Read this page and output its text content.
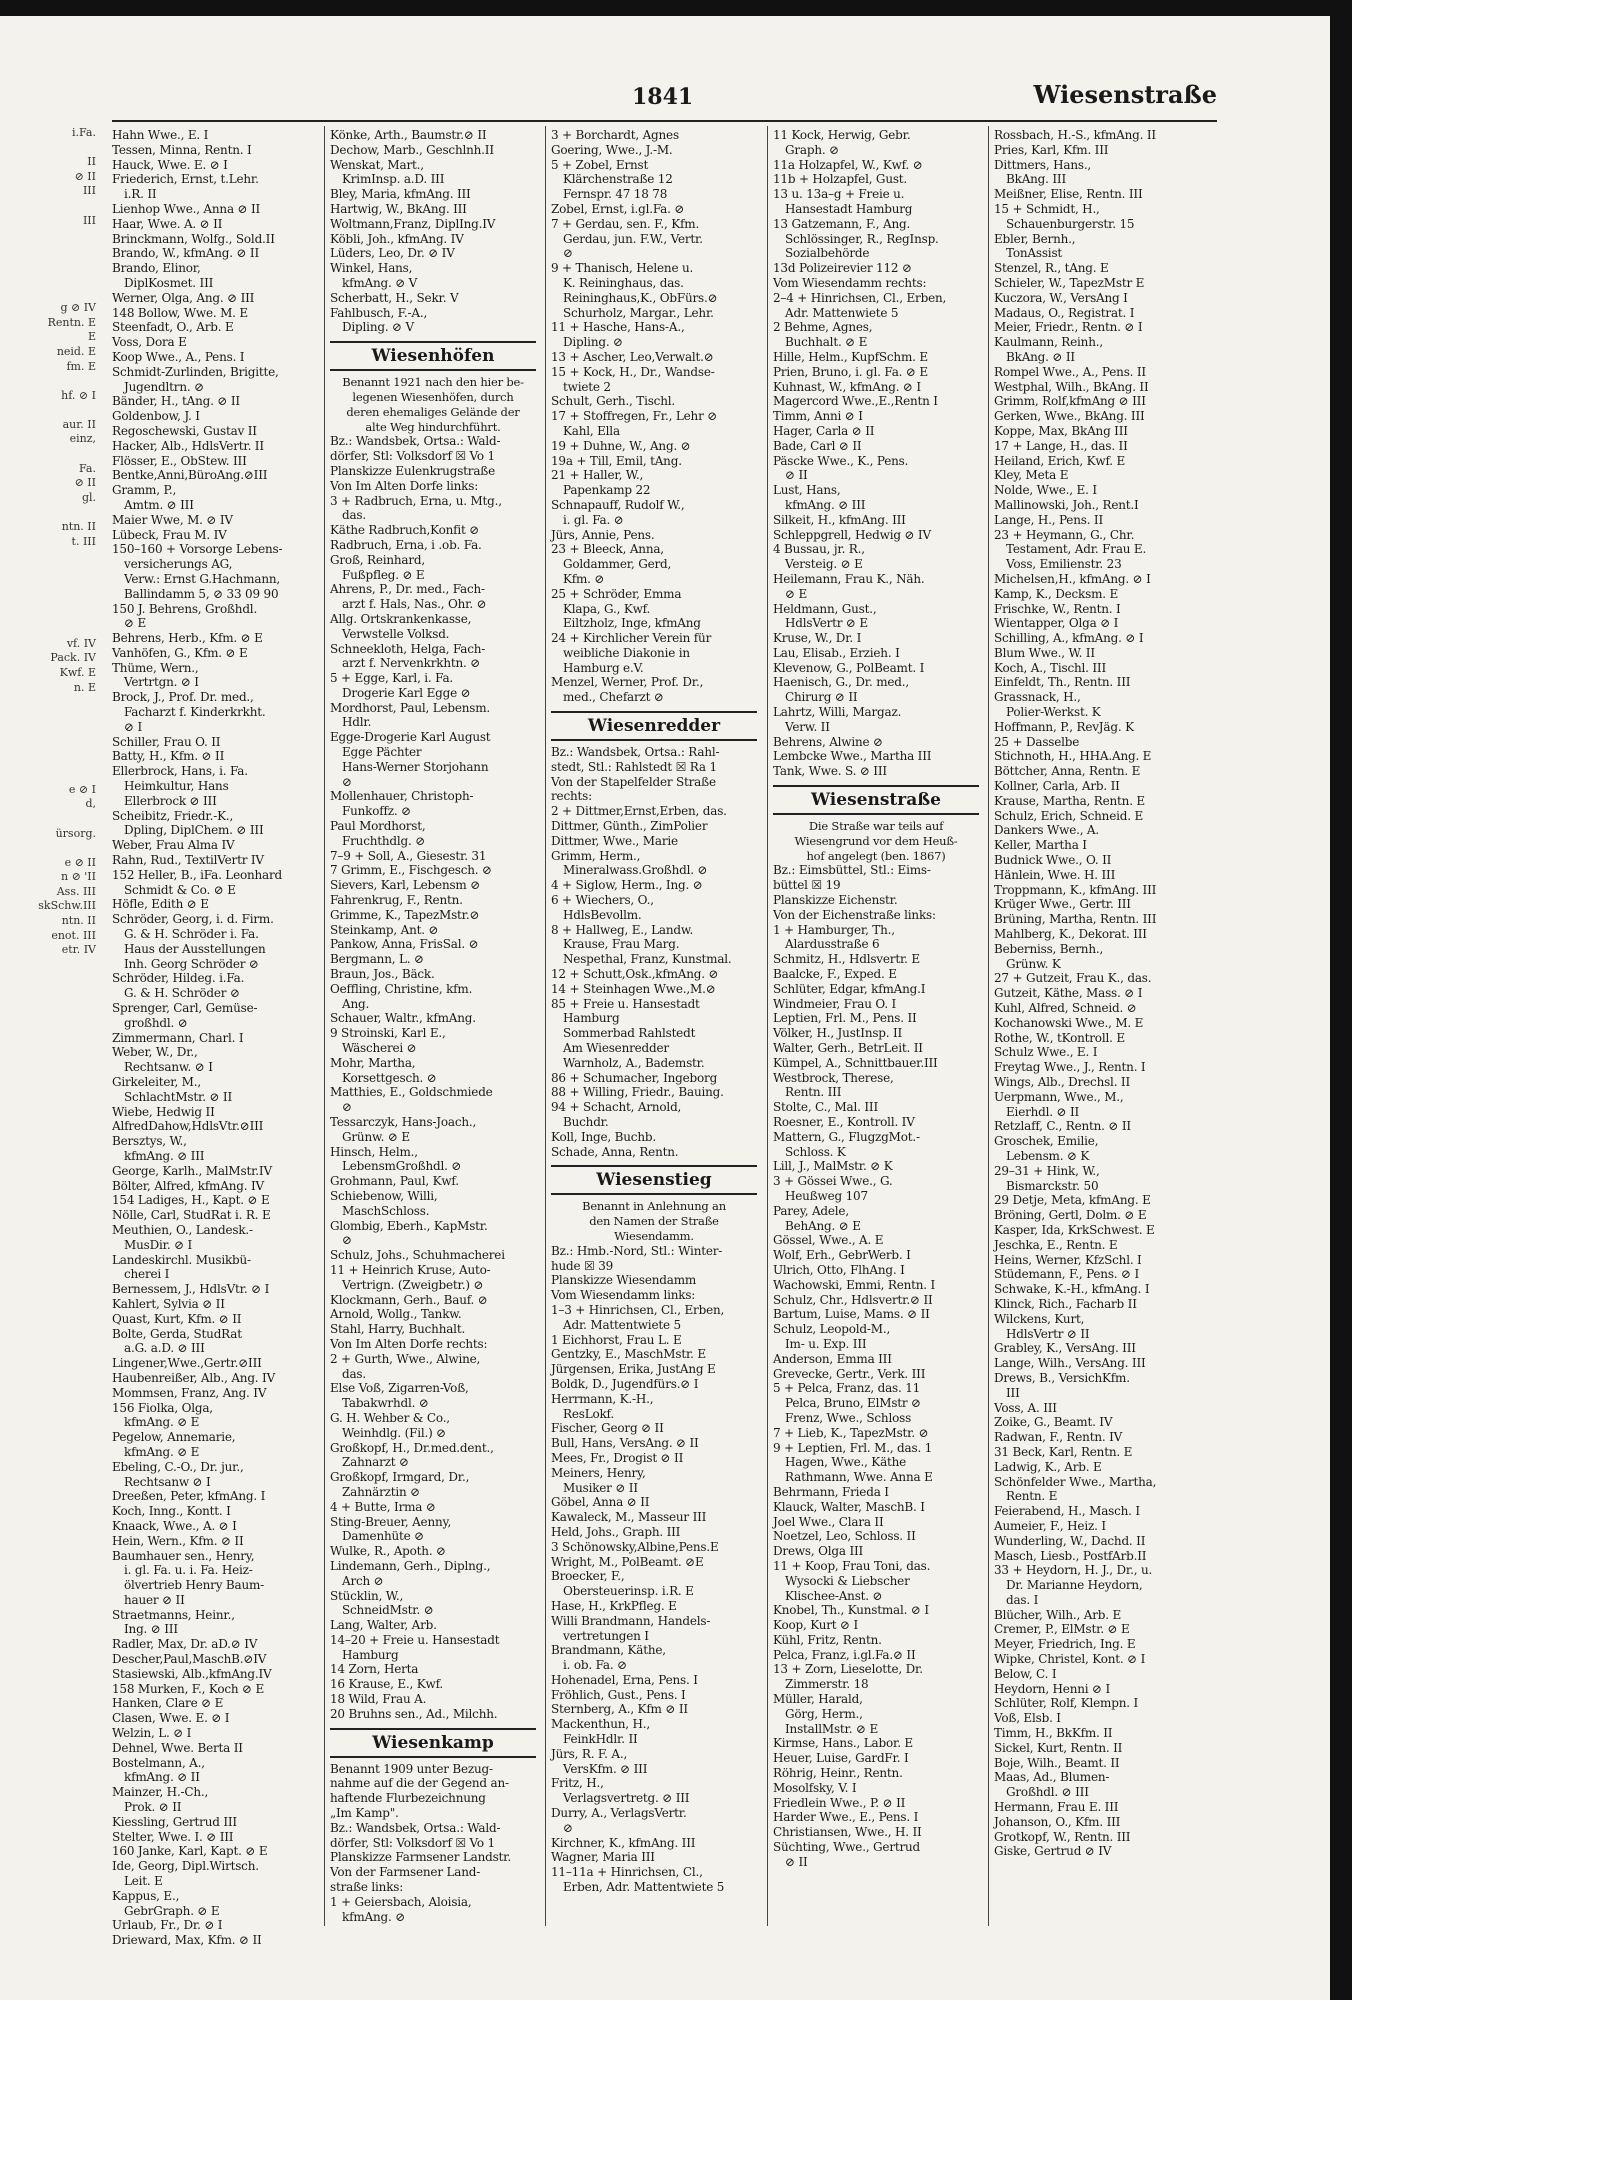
i.Fa.

II
⊘ II
III

III

g ⊘ IV
Rentn. E
E
neid. E
fm. E

hf. ⊘ I

aur. II
einz,

Fa.
⊘ II
gl.

ntn. II
t. III

vf. IV
Pack. IV
Kwf. E
n. E

e ⊘ I
d,

ürsorg.

e ⊘ II
n ⊘ 'II
Ass. III
skSchw.III
ntn. II
enot. III
etr. IV
1841	Wiesenstraße
Hahn Wwe., E. I
Tessen, Minna, Rentn. I
Hauck, Wwe. E. ⊘ I
Friederich, Ernst, t.Lehr.
i.R. II
Lienhop Wwe., Anna ⊘ II
Haar, Wwe. A. ⊘ II
Brinckmann, Wolfg., Sold.II
Brando, W., kfmAng. ⊘ II
Brando, Elinor,
DiplKosmet. III
Werner, Olga, Ang. ⊘ III
148 Bollow, Wwe. M. E
Steenfadt, O., Arb. E
Voss, Dora E
Koop Wwe., A., Pens. I
Schmidt-Zurlinden, Brigitte,
Jugendltrn. ⊘
Bänder, H., tAng. ⊘ II
Goldenbow, J. I
Regoschewski, Gustav II
Hacker, Alb., HdlsVertr. II
Flösser, E., ObStew. III
Bentke,Anni,BüroAng.⊘III
Gramm, P.,
Amtm. ⊘ III
Maier Wwe, M. ⊘ IV
Lübeck, Frau M. IV
150–160 + Vorsorge Lebens-
versicherungs AG,
Verw.: Ernst G.Hachmann,
Ballindamm 5, ⊘ 33 09 90
150 J. Behrens, Großhdl.
⊘ E
Behrens, Herb., Kfm. ⊘ E
Vanhöfen, G., Kfm. ⊘ E
Thüme, Wern.,
Vertrtgn. ⊘ I
Brock, J., Prof. Dr. med.,
Facharzt f. Kinderkrkht.
⊘ I
Schiller, Frau O. II
Batty, H., Kfm. ⊘ II
Ellerbrock, Hans, i. Fa.
Heimkultur, Hans
Ellerbrock ⊘ III
Scheibitz, Friedr.-K.,
Dpling, DiplChem. ⊘ III
Weber, Frau Alma IV
Rahn, Rud., TextilVertr IV
152 Heller, B., iFa. Leonhard
Schmidt & Co. ⊘ E
Höfle, Edith ⊘ E
Schröder, Georg, i. d. Firm.
G. & H. Schröder i. Fa.
Haus der Ausstellungen
Inh. Georg Schröder ⊘
Schröder, Hildeg. i.Fa.
G. & H. Schröder ⊘
Sprenger, Carl, Gemüse-
großhdl. ⊘
Zimmermann, Charl. I
Weber, W., Dr.,
Rechtsanw. ⊘ I
Girkeleiter, M.,
SchlachtMstr. ⊘ II
Wiebe, Hedwig II
AlfredDahow,HdlsVtr.⊘III
Bersztys, W.,
kfmAng. ⊘ III
George, Karlh., MalMstr.IV
Bölter, Alfred, kfmAng. IV
154 Ladiges, H., Kapt. ⊘ E
Nölle, Carl, StudRat i. R. E
Meuthien, O., Landesk.-
MusDir. ⊘ I
Landeskirchl. Musikbü-
cherei I
Bernessem, J., HdlsVtr. ⊘ I
Kahlert, Sylvia ⊘ II
Quast, Kurt, Kfm. ⊘ II
Bolte, Gerda, StudRat
a.G. a.D. ⊘ III
Lingener,Wwe.,Gertr.⊘III
Haubenreißer, Alb., Ang. IV
Mommsen, Franz, Ang. IV
156 Fiolka, Olga,
kfmAng. ⊘ E
Pegelow, Annemarie,
kfmAng. ⊘ E
Ebeling, C.-O., Dr. jur.,
Rechtsanw ⊘ I
Dreeßen, Peter, kfmAng. I
Koch, Inng., Kontt. I
Knaack, Wwe., A. ⊘ I
Hein, Wern., Kfm. ⊘ II
Baumhauer sen., Henry,
i. gl. Fa. u. i. Fa. Heiz-
ölvertrieb Henry Baum-
hauer ⊘ II
Straetmanns, Heinr.,
Ing. ⊘ III
Radler, Max, Dr. aD.⊘ IV
Descher,Paul,MaschB.⊘IV
Stasiewski, Alb.,kfmAng.IV
158 Murken, F., Koch ⊘ E
Hanken, Clare ⊘ E
Clasen, Wwe. E. ⊘ I
Welzin, L. ⊘ I
Dehnel, Wwe. Berta II
Bostelmann, A.,
kfmAng. ⊘ II
Mainzer, H.-Ch.,
Prok. ⊘ II
Kiessling, Gertrud III
Stelter, Wwe. I. ⊘ III
160 Janke, Karl, Kapt. ⊘ E
Ide, Georg, Dipl.Wirtsch.
Leit. E
Kappus, E.,
GebrGraph. ⊘ E
Urlaub, Fr., Dr. ⊘ I
Drieward, Max, Kfm. ⊘ II
Könke, Arth., Baumstr.⊘ II
Dechow, Marb., Geschlnh.II
Wenskat, Mart.,
KrimInsp. a.D. III
Bley, Maria, kfmAng. III
Hartwig, W., BkAng. III
Woltmann,Franz, DiplIng.IV
Köbli, Joh., kfmAng. IV
Lüders, Leo, Dr. ⊘ IV
Winkel, Hans,
kfmAng. ⊘ V
Scherbatt, H., Sekr. V
Fahlbusch, F.-A.,
Dipling. ⊘ V
Wiesenhöfen
Benannt 1921 nach den hier be-
legenen Wiesenhöfen, durch
deren ehemaliges Gelände der
alte Weg hindurchführt.
Bz.: Wandsbek, Ortsa.: Wald-
dörfer, Stl: Volksdorf ☒ Vo 1
Planskizze Eulenkrugstraße
Von Im Alten Dorfe links:
3 + Radbruch, Erna, u. Mtg.,
das.
Käthe Radbruch,Konfit ⊘
Radbruch, Erna, i .ob. Fa.
Groß, Reinhard,
Fußpfleg. ⊘ E
Ahrens, P., Dr. med., Fach-
arzt f. Hals, Nas., Ohr. ⊘
Allg. Ortskrankenkasse,
Verwstelle Volksd.
Schneekloth, Helga, Fach-
arzt f. Nervenkrkhtn. ⊘
5 + Egge, Karl, i. Fa.
Drogerie Karl Egge ⊘
Mordhorst, Paul, Lebensm.
Hdlr.
Egge-Drogerie Karl August
Egge Pächter
Hans-Werner Storjohann
⊘
Mollenhauer, Christoph-
Funkoffz. ⊘
Paul Mordhorst,
Fruchthdlg. ⊘
7–9 + Soll, A., Giesestr. 31
7 Grimm, E., Fischgesch. ⊘
Sievers, Karl, Lebensm ⊘
Fahrenkrug, F., Rentn.
Grimme, K., TapezMstr.⊘
Steinkamp, Ant. ⊘
Pankow, Anna, FrisSal. ⊘
Bergmann, L. ⊘
Braun, Jos., Bäck.
Oeffling, Christine, kfm.
Ang.
Schauer, Waltr., kfmAng.
9 Stroinski, Karl E.,
Wäscherei ⊘
Mohr, Martha,
Korsettgesch. ⊘
Matthies, E., Goldschmiede
⊘
Tessarczyk, Hans-Joach.,
Grünw. ⊘ E
Hinsch, Helm.,
LebensmGroßhdl. ⊘
Grohmann, Paul, Kwf.
Schiebenow, Willi,
MaschSchloss.
Glombig, Eberh., KapMstr.
⊘
Schulz, Johs., Schuhmacherei
11 + Heinrich Kruse, Auto-
Vertrign. (Zweigbetr.) ⊘
Klockmann, Gerh., Bauf. ⊘
Arnold, Wollg., Tankw.
Stahl, Harry, Buchhalt.
Von Im Alten Dorfe rechts:
2 + Gurth, Wwe., Alwine,
das.
Else Voß, Zigarren-Voß,
Tabakwrhdl. ⊘
G. H. Wehber & Co.,
Weinhdlg. (Fil.) ⊘
Großkopf, H., Dr.med.dent.,
Zahnarzt ⊘
Großkopf, Irmgard, Dr.,
Zahnärztin ⊘
4 + Butte, Irma ⊘
Sting-Breuer, Aenny,
Damenhüte ⊘
Wulke, R., Apoth. ⊘
Lindemann, Gerh., Diplng.,
Arch ⊘
Stücklin, W.,
SchneidMstr. ⊘
Lang, Walter, Arb.
14–20 + Freie u. Hansestadt
Hamburg
14 Zorn, Herta
16 Krause, E., Kwf.
18 Wild, Frau A.
20 Bruhns sen., Ad., Milchh.
Wiesenkamp
Benannt 1909 unter Bezug-
nahme auf die der Gegend an-
haftende Flurbezeichnung
„Im Kamp".
Bz.: Wandsbek, Ortsa.: Wald-
dörfer, Stl: Volksdorf ☒ Vo 1
Planskizze Farmsener Landstr.
Von der Farmsener Land-
straße links:
1 + Geiersbach, Aloisia,
kfmAng. ⊘
3 + Borchardt, Agnes
Goering, Wwe., J.-M.
5 + Zobel, Ernst
Klärchenstraße 12
Fernspr. 47 18 78
Zobel, Ernst, i.gl.Fa. ⊘
7 + Gerdau, sen. F., Kfm.
Gerdau, jun. F.W., Vertr.
⊘
9 + Thanisch, Helene u.
K. Reininghaus, das.
Reininghaus,K., ObFürs.⊘
Schurholz, Margar., Lehr.
11 + Hasche, Hans-A.,
Dipling. ⊘
13 + Ascher, Leo,Verwalt.⊘
15 + Kock, H., Dr., Wandse-
twiete 2
Schult, Gerh., Tischl.
17 + Stoffregen, Fr., Lehr ⊘
Kahl, Ella
19 + Duhne, W., Ang. ⊘
19a + Till, Emil, tAng.
21 + Haller, W.,
Papenkamp 22
Schnapauff, Rudolf W.,
i. gl. Fa. ⊘
Jürs, Annie, Pens.
23 + Bleeck, Anna,
Goldammer, Gerd,
Kfm. ⊘
25 + Schröder, Emma
Klapa, G., Kwf.
Eiltzholz, Inge, kfmAng
24 + Kirchlicher Verein für
weibliche Diakonie in
Hamburg e.V.
Menzel, Werner, Prof. Dr.,
med., Chefarzt ⊘
Wiesenredder
Bz.: Wandsbek, Ortsa.: Rahl-
stedt, Stl.: Rahlstedt ☒ Ra 1
Von der Stapelfelder Straße
rechts:
2 + Dittmer,Ernst,Erben, das.
Dittmer, Günth., ZimPolier
Dittmer, Wwe., Marie
Grimm, Herm.,
Mineralwass.Großhdl. ⊘
4 + Siglow, Herm., Ing. ⊘
6 + Wiechers, O.,
HdlsBevollm.
8 + Hallweg, E., Landw.
Krause, Frau Marg.
Nespethal, Franz, Kunstmal.
12 + Schutt,Osk.,kfmAng. ⊘
14 + Steinhagen Wwe.,M.⊘
85 + Freie u. Hansestadt
Hamburg
Sommerbad Rahlstedt
Am Wiesenredder
Warnholz, A., Bademstr.
86 + Schumacher, Ingeborg
88 + Willing, Friedr., Bauing.
94 + Schacht, Arnold,
Buchdr.
Koll, Inge, Buchb.
Schade, Anna, Rentn.
Wiesenstieg
Benannt in Anlehnung an
den Namen der Straße
Wiesendamm.
Bz.: Hmb.-Nord, Stl.: Winter-
hude ☒ 39
Planskizze Wiesendamm
Vom Wiesendamm links:
1–3 + Hinrichsen, Cl., Erben,
Adr. Mattentwiete 5
1 Eichhorst, Frau L. E
Gentzky, E., MaschMstr. E
Jürgensen, Erika, JustAng E
Boldk, D., Jugendfürs.⊘ I
Herrmann, K.-H.,
ResLokf.
Fischer, Georg ⊘ II
Bull, Hans, VersAng. ⊘ II
Mees, Fr., Drogist ⊘ II
Meiners, Henry,
Musiker ⊘ II
Göbel, Anna ⊘ II
Kawaleck, M., Masseur III
Held, Johs., Graph. III
3 Schönowsky,Albine,Pens.E
Wright, M., PolBeamt. ⊘E
Broecker, F.,
Obersteuerinsp. i.R. E
Hase, H., KrkPfleg. E
Willi Brandmann, Handels-
vertretungen I
Brandmann, Käthe,
i. ob. Fa. ⊘
Hohenadel, Erna, Pens. I
Fröhlich, Gust., Pens. I
Sternberg, A., Kfm ⊘ II
Mackenthun, H.,
FeinkHdlr. II
Jürs, R. F. A.,
VersKfm. ⊘ III
Fritz, H.,
Verlagsvertretg. ⊘ III
Durry, A., VerlagsVertr.
⊘
Kirchner, K., kfmAng. III
Wagner, Maria III
11–11a + Hinrichsen, Cl.,
Erben, Adr. Mattentwiete 5
11 Kock, Herwig, Gebr.
Graph. ⊘
11a Holzapfel, W., Kwf. ⊘
11b + Holzapfel, Gust.
13 u. 13a–g + Freie u.
Hansestadt Hamburg
13 Gatzemann, F., Ang.
Schlössinger, R., RegInsp.
Sozialbehörde
13d Polizeirevier 112 ⊘
Vom Wiesendamm rechts:
2–4 + Hinrichsen, Cl., Erben,
Adr. Mattenwiete 5
2 Behme, Agnes,
Buchhalt. ⊘ E
Hille, Helm., KupfSchm. E
Prien, Bruno, i. gl. Fa. ⊘ E
Kuhnast, W., kfmAng. ⊘ I
Magercord Wwe.,E.,Rentn I
Timm, Anni ⊘ I
Hager, Carla ⊘ II
Bade, Carl ⊘ II
Päscke Wwe., K., Pens.
⊘ II
Lust, Hans,
kfmAng. ⊘ III
Silkeit, H., kfmAng. III
Schleppgrell, Hedwig ⊘ IV
4 Bussau, jr. R.,
Versteig. ⊘ E
Heilemann, Frau K., Näh.
⊘ E
Heldmann, Gust.,
HdlsVertr ⊘ E
Kruse, W., Dr. I
Lau, Elisab., Erzieh. I
Klevenow, G., PolBeamt. I
Haenisch, G., Dr. med.,
Chirurg ⊘ II
Lahrtz, Willi, Margaz.
Verw. II
Behrens, Alwine ⊘
Lembcke Wwe., Martha III
Tank, Wwe. S. ⊘ III
Wiesenstraße
Die Straße war teils auf
Wiesengrund vor dem Heuß-
hof angelegt (ben. 1867)
Bz.: Eimsbüttel, Stl.: Eims-
büttel ☒ 19
Planskizze Eichenstr.
Von der Eichenstraße links:
1 + Hamburger, Th.,
Alardusstraße 6
Schmitz, H., Hdlsvertr. E
Baalcke, F., Exped. E
Schlüter, Edgar, kfmAng.I
Windmeier, Frau O. I
Leptien, Frl. M., Pens. II
Völker, H., JustInsp. II
Walter, Gerh., BetrLeit. II
Kümpel, A., Schnittbauer.III
Westbrock, Therese,
Rentn. III
Stolte, C., Mal. III
Roesner, E., Kontroll. IV
Mattern, G., FlugzgMot.-
Schloss. K
Lill, J., MalMstr. ⊘ K
3 + Gössei Wwe., G.
Heußweg 107
Parey, Adele,
BehAng. ⊘ E
Gössel, Wwe., A. E
Wolf, Erh., GebrWerb. I
Ulrich, Otto, FlhAng. I
Wachowski, Emmi, Rentn. I
Schulz, Chr., Hdlsvertr.⊘ II
Bartum, Luise, Mams. ⊘ II
Schulz, Leopold-M.,
Im- u. Exp. III
Anderson, Emma III
Grevecke, Gertr., Verk. III
5 + Pelca, Franz, das. 11
Pelca, Bruno, ElMstr ⊘
Frenz, Wwe., Schloss
7 + Lieb, K., TapezMstr. ⊘
9 + Leptien, Frl. M., das. 1
Hagen, Wwe., Käthe
Rathmann, Wwe. Anna E
Behrmann, Frieda I
Klauck, Walter, MaschB. I
Joel Wwe., Clara II
Noetzel, Leo, Schloss. II
Drews, Olga III
11 + Koop, Frau Toni, das.
Wysocki & Liebscher
Klischee-Anst. ⊘
Knobel, Th., Kunstmal. ⊘ I
Koop, Kurt ⊘ I
Kühl, Fritz, Rentn.
Pelca, Franz, i.gl.Fa.⊘ II
13 + Zorn, Lieselotte, Dr.
Zimmerstr. 18
Müller, Harald,
Görg, Herm.,
InstallMstr. ⊘ E
Kirmse, Hans., Labor. E
Heuer, Luise, GardFr. I
Röhrig, Heinr., Rentn.
Mosolfsky, V. I
Friedlein Wwe., P. ⊘ II
Harder Wwe., E., Pens. I
Christiansen, Wwe., H. II
Süchting, Wwe., Gertrud
⊘ II
Rossbach, H.-S., kfmAng. II
Pries, Karl, Kfm. III
Dittmers, Hans.,
BkAng. III
Meißner, Elise, Rentn. III
15 + Schmidt, H.,
Schauenburgerstr. 15
Ebler, Bernh.,
TonAssist
Stenzel, R., tAng. E
Schieler, W., TapezMstr E
Kuczora, W., VersAng I
Madaus, O., Registrat. I
Meier, Friedr., Rentn. ⊘ I
Kaulmann, Reinh.,
BkAng. ⊘ II
Rompel Wwe., A., Pens. II
Westphal, Wilh., BkAng. II
Grimm, Rolf,kfmAng ⊘ III
Gerken, Wwe., BkAng. III
Koppe, Max, BkAng III
17 + Lange, H., das. II
Heiland, Erich, Kwf. E
Kley, Meta E
Nolde, Wwe., E. I
Mallinowski, Joh., Rent.I
Lange, H., Pens. II
23 + Heymann, G., Chr.
Testament, Adr. Frau E.
Voss, Emilienstr. 23
Michelsen,H., kfmAng. ⊘ I
Kamp, K., Decksm. E
Frischke, W., Rentn. I
Wientapper, Olga ⊘ I
Schilling, A., kfmAng. ⊘ I
Blum Wwe., W. II
Koch, A., Tischl. III
Einfeldt, Th., Rentn. III
Grassnack, H.,
Polier-Werkst. K
Hoffmann, P., RevJäg. K
25 + Dasselbe
Stichnoth, H., HHA.Ang. E
Böttcher, Anna, Rentn. E
Kollner, Carla, Arb. II
Krause, Martha, Rentn. E
Schulz, Erich, Schneid. E
Dankers Wwe., A.
Keller, Martha I
Budnick Wwe., O. II
Hänlein, Wwe. H. III
Troppmann, K., kfmAng. III
Krüger Wwe., Gertr. III
Brüning, Martha, Rentn. III
Mahlberg, K., Dekorat. III
Beberniss, Bernh.,
Grünw. K
27 + Gutzeit, Frau K., das.
Gutzeit, Käthe, Mass. ⊘ I
Kuhl, Alfred, Schneid. ⊘
Kochanowski Wwe., M. E
Rothe, W., tKontroll. E
Schulz Wwe., E. I
Freytag Wwe., J., Rentn. I
Wings, Alb., Drechsl. II
Uerpmann, Wwe., M.,
Eierhdl. ⊘ II
Retzlaff, C., Rentn. ⊘ II
Groschek, Emilie,
Lebensm. ⊘ K
29–31 + Hink, W.,
Bismarckstr. 50
29 Detje, Meta, kfmAng. E
Bröning, Gertl, Dolm. ⊘ E
Kasper, Ida, KrkSchwest. E
Jeschka, E., Rentn. E
Heins, Werner, KfzSchl. I
Stüdemann, F., Pens. ⊘ I
Schwake, K.-H., kfmAng. I
Klinck, Rich., Facharb II
Wilckens, Kurt,
HdlsVertr ⊘ II
Grabley, K., VersAng. III
Lange, Wilh., VersAng. III
Drews, B., VersichKfm.
III
Voss, A. III
Zoike, G., Beamt. IV
Radwan, F., Rentn. IV
31 Beck, Karl, Rentn. E
Ladwig, K., Arb. E
Schönfelder Wwe., Martha,
Rentn. E
Feierabend, H., Masch. I
Aumeier, F., Heiz. I
Wunderling, W., Dachd. II
Masch, Liesb., PostfArb.II
33 + Heydorn, H. J., Dr., u.
Dr. Marianne Heydorn,
das. I
Blücher, Wilh., Arb. E
Cremer, P., ElMstr. ⊘ E
Meyer, Friedrich, Ing. E
Wipke, Christel, Kont. ⊘ I
Below, C. I
Heydorn, Henni ⊘ I
Schlüter, Rolf, Klempn. I
Voß, Elsb. I
Timm, H., BkKfm. II
Sickel, Kurt, Rentn. II
Boje, Wilh., Beamt. II
Maas, Ad., Blumen-
Großhdl. ⊘ III
Hermann, Frau E. III
Johanson, O., Kfm. III
Grotkopf, W., Rentn. III
Giske, Gertrud ⊘ IV
